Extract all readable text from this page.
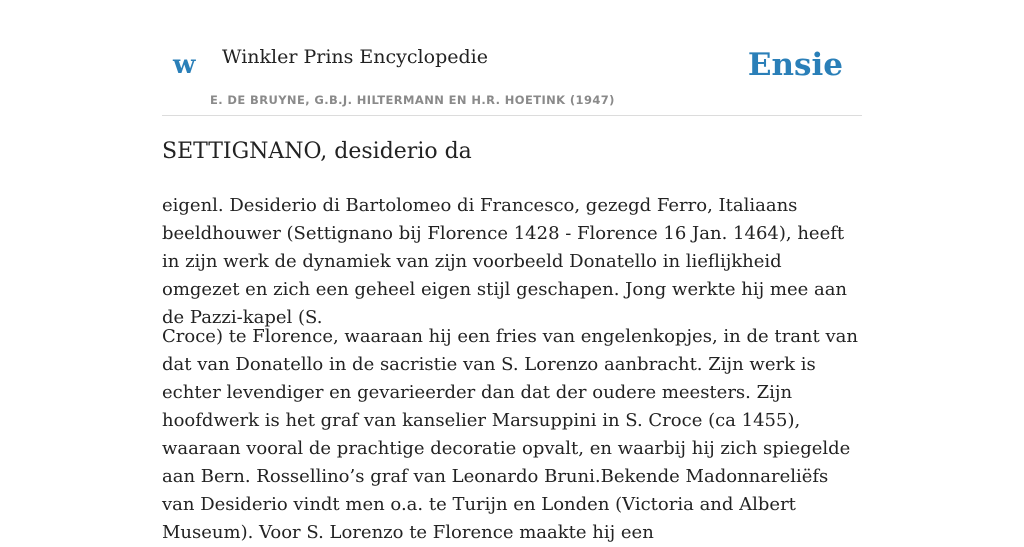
w Winkler Prins Encyclopedie
E. DE BRUYNE, G.B.J. HILTERMANN EN H.R. HOETINK (1947)
Ensie
SETTIGNANO, desiderio da

eigenl. Desiderio di Bartolomeo di Francesco, gezegd Ferro, Italiaans beeldhouwer (Settignano bij Florence 1428 - Florence 16 Jan. 1464), heeft in zijn werk de dynamiek van zijn voorbeeld Donatello in lieflijkheid omgezet en zich een geheel eigen stijl geschapen. Jong werkte hij mee aan de Pazzi-kapel (S.

Croce) te Florence, waaraan hij een fries van engelenkopjes, in de trant van dat van Donatello in de sacristie van S. Lorenzo aanbracht. Zijn werk is echter levendiger en gevarieerder dan dat der oudere meesters. Zijn hoofdwerk is het graf van kanselier Marsuppini in S. Croce (ca 1455), waaraan vooral de prachtige decoratie opvalt, en waarbij hij zich spiegelde aan Bern. Rossellino’s graf van Leonardo Bruni.Bekende Madonnareliëfs van Desiderio vindt men o.a. te Turijn en Londen (Victoria and Albert Museum). Voor S. Lorenzo te Florence maakte hij een
